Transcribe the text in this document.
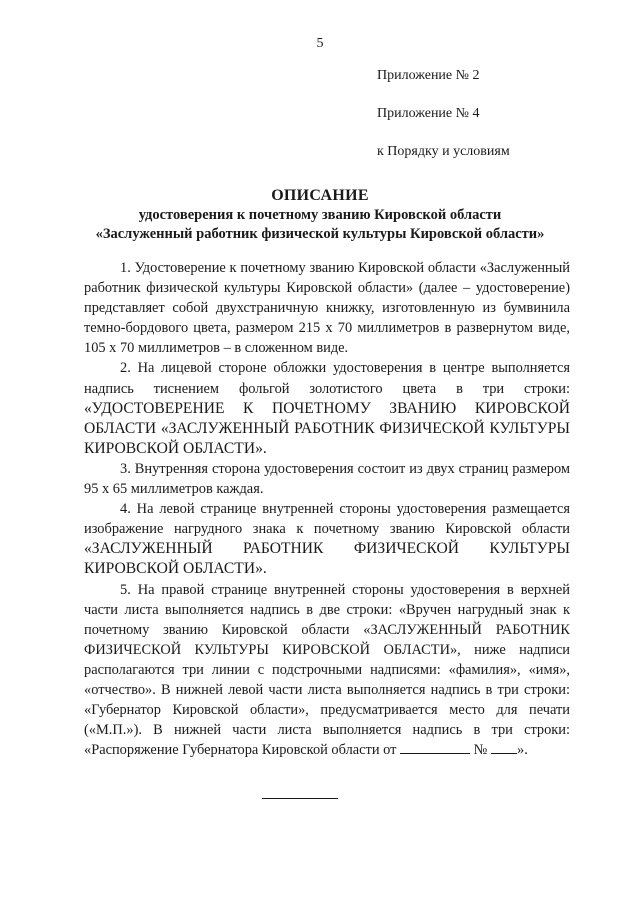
5
Приложение № 2
Приложение № 4
к Порядку и условиям
ОПИСАНИЕ
удостоверения к почетному званию Кировской области
«Заслуженный работник физической культуры Кировской области»

1. Удостоверение к почетному званию Кировской области «Заслуженный работник физической культуры Кировской области» (далее – удостоверение) представляет собой двухстраничную книжку, изготовленную из бумвинила темно-бордового цвета, размером 215 х 70 миллиметров в развернутом виде, 105 х 70 миллиметров – в сложенном виде.

2. На лицевой стороне обложки удостоверения в центре выполняется надпись тиснением фольгой золотистого цвета в три строки: «УДОСТОВЕРЕНИЕ К ПОЧЕТНОМУ ЗВАНИЮ КИРОВСКОЙ ОБЛАСТИ «ЗАСЛУЖЕННЫЙ РАБОТНИК ФИЗИЧЕСКОЙ КУЛЬТУРЫ КИРОВСКОЙ ОБЛАСТИ».

3. Внутренняя сторона удостоверения состоит из двух страниц размером 95 х 65 миллиметров каждая.

4. На левой странице внутренней стороны удостоверения размещается изображение нагрудного знака к почетному званию Кировской области «ЗАСЛУЖЕННЫЙ РАБОТНИК ФИЗИЧЕСКОЙ КУЛЬТУРЫ КИРОВСКОЙ ОБЛАСТИ».

5. На правой странице внутренней стороны удостоверения в верхней части листа выполняется надпись в две строки: «Вручен нагрудный знак к почетному званию Кировской области «ЗАСЛУЖЕННЫЙ РАБОТНИК ФИЗИЧЕСКОЙ КУЛЬТУРЫ КИРОВСКОЙ ОБЛАСТИ», ниже надписи располагаются три линии с подстрочными надписями: «фамилия», «имя», «отчество». В нижней левой части листа выполняется надпись в три строки: «Губернатор Кировской области», предусматривается место для печати («М.П.»). В нижней части листа выполняется надпись в три строки: «Распоряжение Губернатора Кировской области от	№ ».
